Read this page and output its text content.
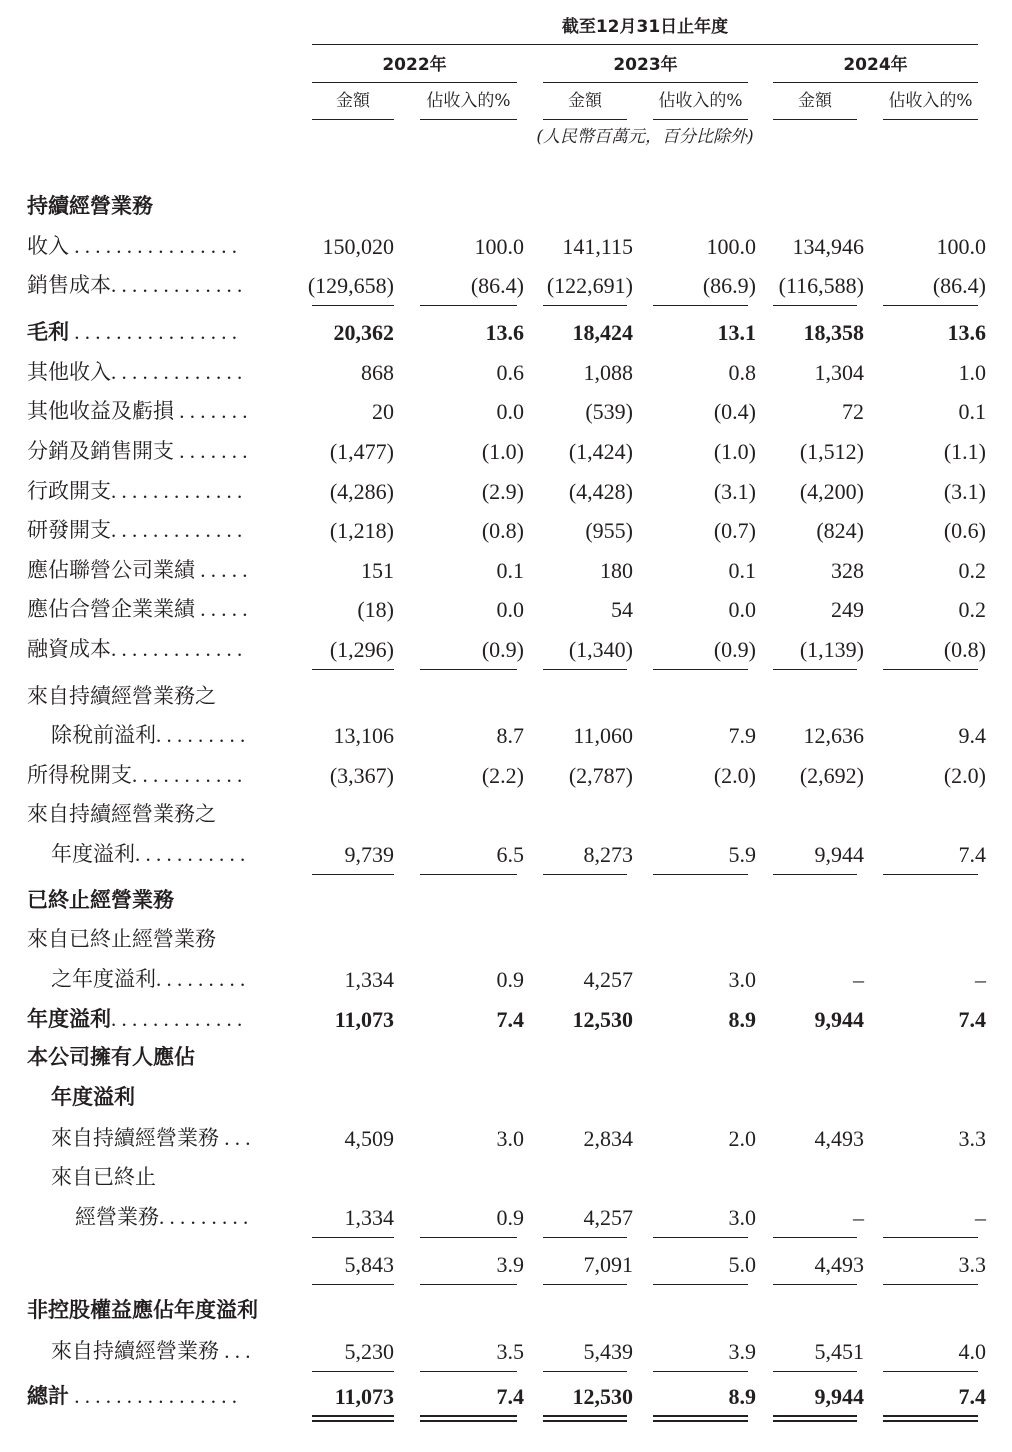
截至12月31日止年度
2022年	2023年	2024年
金額	佔收入的%	金額	佔收入的%	金額	佔收入的%
(人民幣百萬元，百分比除外)
持續經營業務
收入 . . . . . . . . . . . . . . . .	150,020	100.0 141,115	100.0 134,946	100.0
銷售成本. . . . . . . . . . . . .	(129,658)	(86.4) (122,691)	(86.9) (116,588)	(86.4)
毛利 . . . . . . . . . . . . . . . .	20,362	13.6 18,424	13.1 18,358	13.6
其他收入. . . . . . . . . . . . .	868	0.6	1,088	0.8	1,304	1.0
其他收益及虧損 . . . . . . .	20	0.0	(539)	(0.4)	72	0.1
分銷及銷售開支 . . . . . . .	(1,477)	(1.0) (1,424)	(1.0) (1,512)	(1.1)
行政開支. . . . . . . . . . . . .	(4,286)	(2.9) (4,428)	(3.1) (4,200)	(3.1)
研發開支. . . . . . . . . . . . .	(1,218)	(0.8)	(955)	(0.7)	(824)	(0.6)
應佔聯營公司業績 . . . . .	151	0.1	180	0.1	328	0.2
應佔合營企業業績 . . . . .	(18)	0.0	54	0.0	249	0.2
融資成本. . . . . . . . . . . . .	(1,296)	(0.9) (1,340)	(0.9) (1,139)	(0.8)
來自持續經營業務之
除稅前溢利. . . . . . . . .	13,106	8.7 11,060	7.9 12,636	9.4
所得稅開支. . . . . . . . . . .	(3,367)	(2.2) (2,787)	(2.0) (2,692)	(2.0)
來自持續經營業務之
年度溢利. . . . . . . . . . .	9,739	6.5	8,273	5.9	9,944	7.4
已終止經營業務
來自已終止經營業務
之年度溢利. . . . . . . . .	1,334	0.9	4,257	3.0	–	–
年度溢利. . . . . . . . . . . . .	11,073	7.4 12,530	8.9	9,944	7.4
本公司擁有人應佔
年度溢利
來自持續經營業務 . . .	4,509	3.0	2,834	2.0	4,493	3.3
來自已終止
經營業務. . . . . . . . .	1,334	0.9	4,257	3.0	–	–
5,843	3.9	7,091	5.0	4,493	3.3
非控股權益應佔年度溢利
來自持續經營業務 . . .	5,230	3.5	5,439	3.9	5,451	4.0
總計 . . . . . . . . . . . . . . . .	11,073	7.4 12,530	8.9	9,944	7.4
